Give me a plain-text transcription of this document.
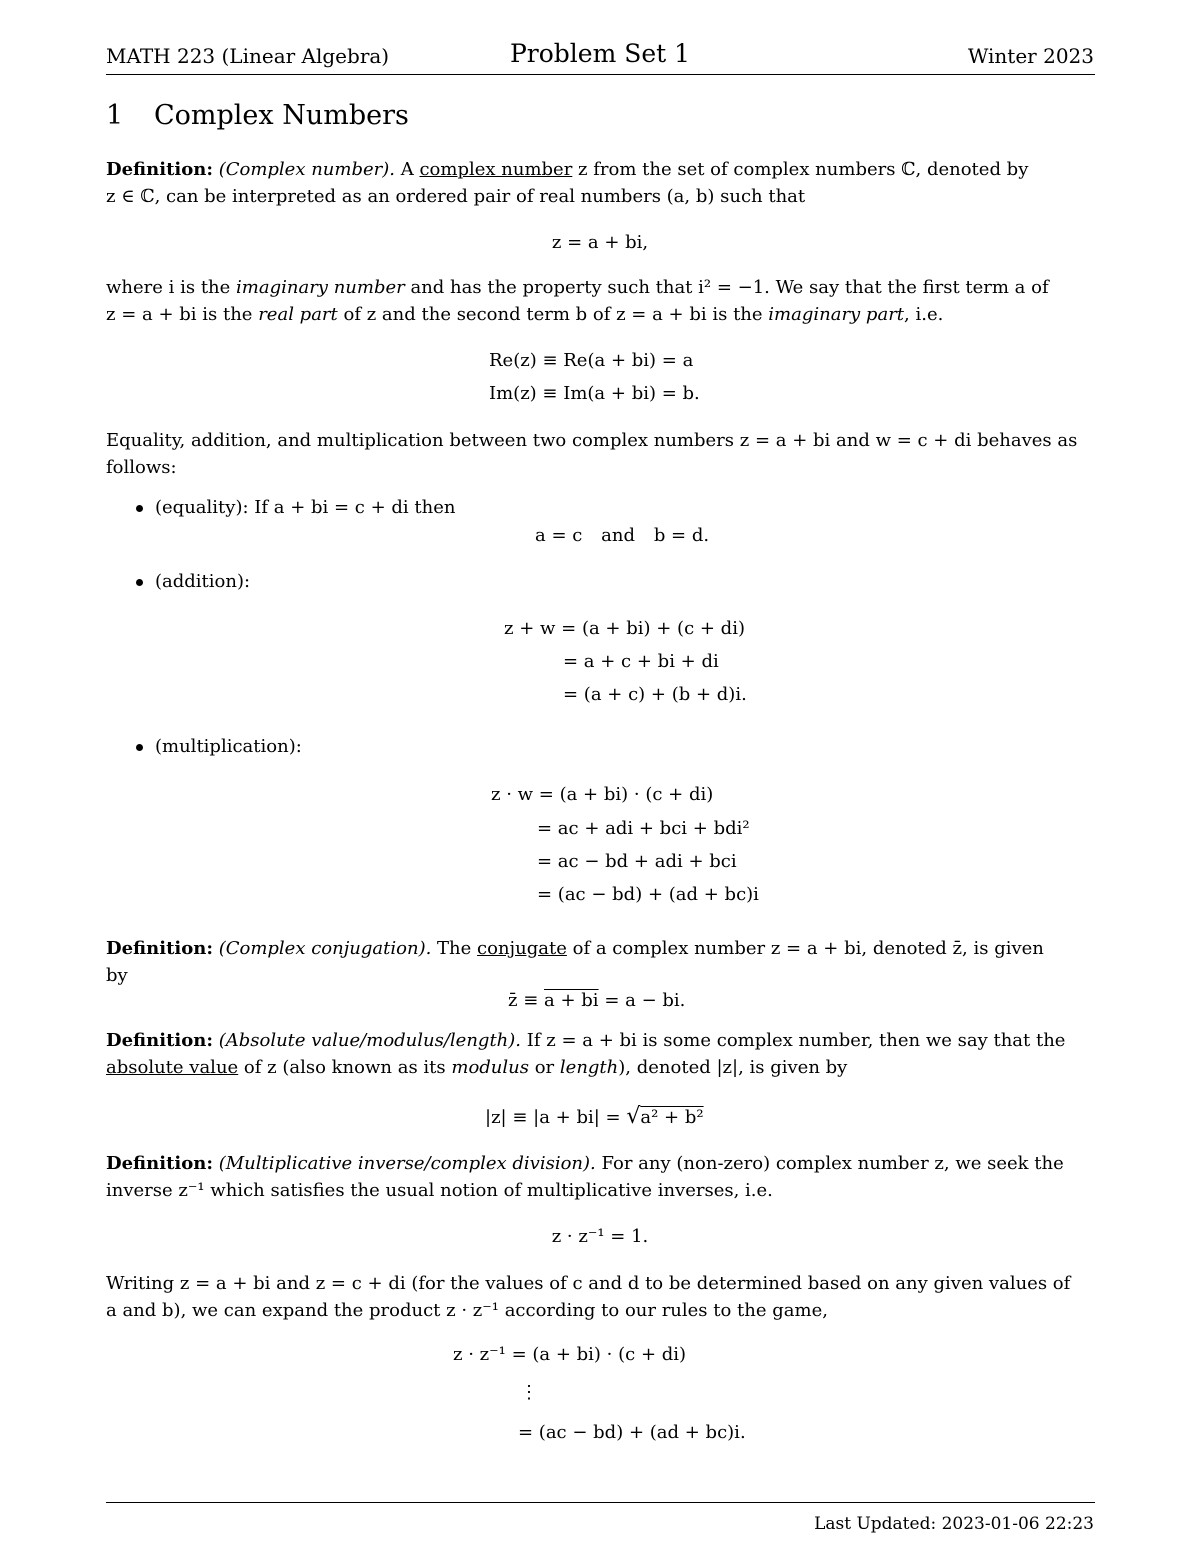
MATH 223 (Linear Algebra)	Problem Set 1	Winter 2023
1 Complex Numbers
Definition: (Complex number). A complex number z from the set of complex numbers ℂ, denoted by
z ∈ ℂ, can be interpreted as an ordered pair of real numbers (a, b) such that
z = a + bi,
where i is the imaginary number and has the property such that i² = −1. We say that the first term a of
z = a + bi is the real part of z and the second term b of z = a + bi is the imaginary part, i.e.
Re(z) ≡ Re(a + bi) = a
Im(z) ≡ Im(a + bi) = b.
Equality, addition, and multiplication between two complex numbers z = a + bi and w = c + di behaves as
follows:
(equality): If a + bi = c + di then
a = c and b = d.
(addition):
z + w = (a + bi) + (c + di)
= a + c + bi + di
= (a + c) + (b + d)i.
(multiplication):
z · w = (a + bi) · (c + di)
= ac + adi + bci + bdi²
= ac − bd + adi + bci
= (ac − bd) + (ad + bc)i
Definition: (Complex conjugation). The conjugate of a complex number z = a + bi, denoted z̄, is given
by
z̄ ≡ a + bi = a − bi.
Definition: (Absolute value/modulus/length). If z = a + bi is some complex number, then we say that the
absolute value of z (also known as its modulus or length), denoted |z|, is given by
|z| ≡ |a + bi| = √a² + b²
Definition: (Multiplicative inverse/complex division). For any (non-zero) complex number z, we seek the
inverse z⁻¹ which satisfies the usual notion of multiplicative inverses, i.e.
z · z⁻¹ = 1.
Writing z = a + bi and z = c + di (for the values of c and d to be determined based on any given values of
a and b), we can expand the product z · z⁻¹ according to our rules to the game,
z · z⁻¹ = (a + bi) · (c + di)
⋮
= (ac − bd) + (ad + bc)i.
Last Updated: 2023-01-06 22:23
